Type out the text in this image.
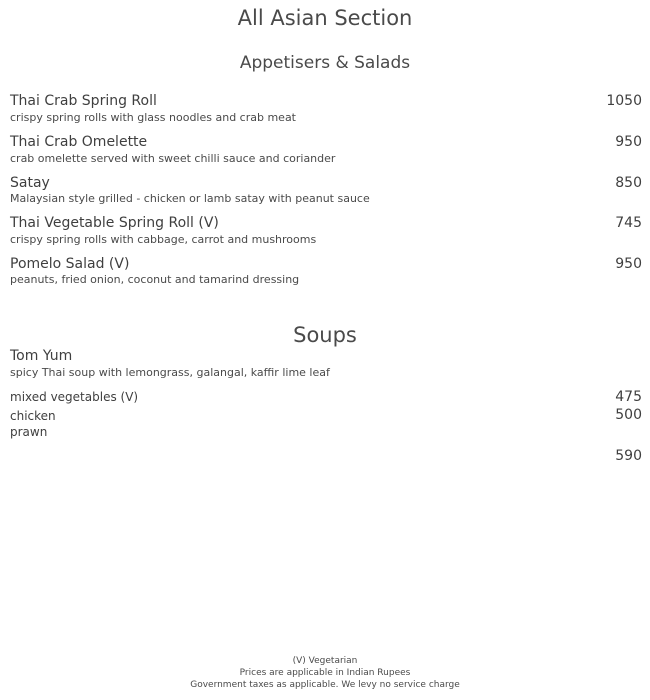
All Asian Section
Appetisers & Salads
Thai Crab Spring Roll
crispy spring rolls with glass noodles and crab meat
1050
Thai Crab Omelette
crab omelette served with sweet chilli sauce and coriander
950
Satay
Malaysian style grilled - chicken or lamb satay with peanut sauce
850
Thai Vegetable Spring Roll (V)
crispy spring rolls with cabbage, carrot and mushrooms
745
Pomelo Salad (V)
peanuts, fried onion, coconut and tamarind dressing
950
Soups
Tom Yum
spicy Thai soup with lemongrass, galangal, kaffir lime leaf
mixed vegetables (V)
chicken
prawn
475
500
590
(V) Vegetarian
Prices are applicable in Indian Rupees
Government taxes as applicable. We levy no service charge
